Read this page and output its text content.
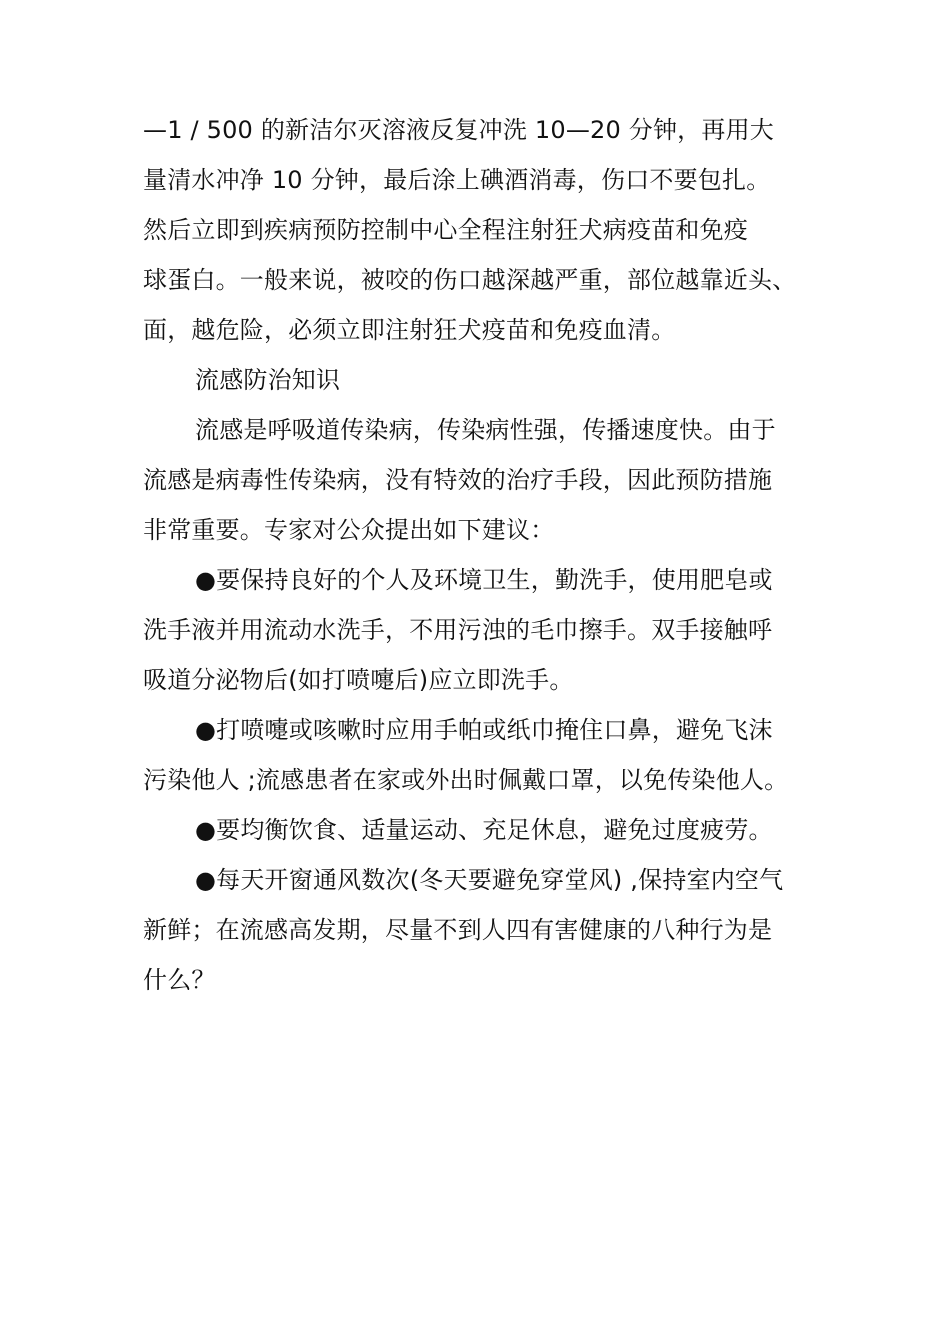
—1 / 500 的新洁尔灭溶液反复冲洗 10—20 分钟，再用大
量清水冲净 10 分钟，最后涂上碘酒消毒，伤口不要包扎。
然后立即到疾病预防控制中心全程注射狂犬病疫苗和免疫
球蛋白。一般来说，被咬的伤口越深越严重，部位越靠近头、
面，越危险，必须立即注射狂犬疫苗和免疫血清。
流感防治知识
流感是呼吸道传染病，传染病性强，传播速度快。由于
流感是病毒性传染病，没有特效的治疗手段，因此预防措施
非常重要。专家对公众提出如下建议：
●要保持良好的个人及环境卫生，勤洗手，使用肥皂或
洗手液并用流动水洗手，不用污浊的毛巾擦手。双手接触呼
吸道分泌物后(如打喷嚏后)应立即洗手。
●打喷嚏或咳嗽时应用手帕或纸巾掩住口鼻，避免飞沫
污染他人 ;流感患者在家或外出时佩戴口罩，以免传染他人。
●要均衡饮食、适量运动、充足休息，避免过度疲劳。
●每天开窗通风数次(冬天要避免穿堂风) ,保持室内空气
新鲜；在流感高发期，尽量不到人四有害健康的八种行为是
什么？
